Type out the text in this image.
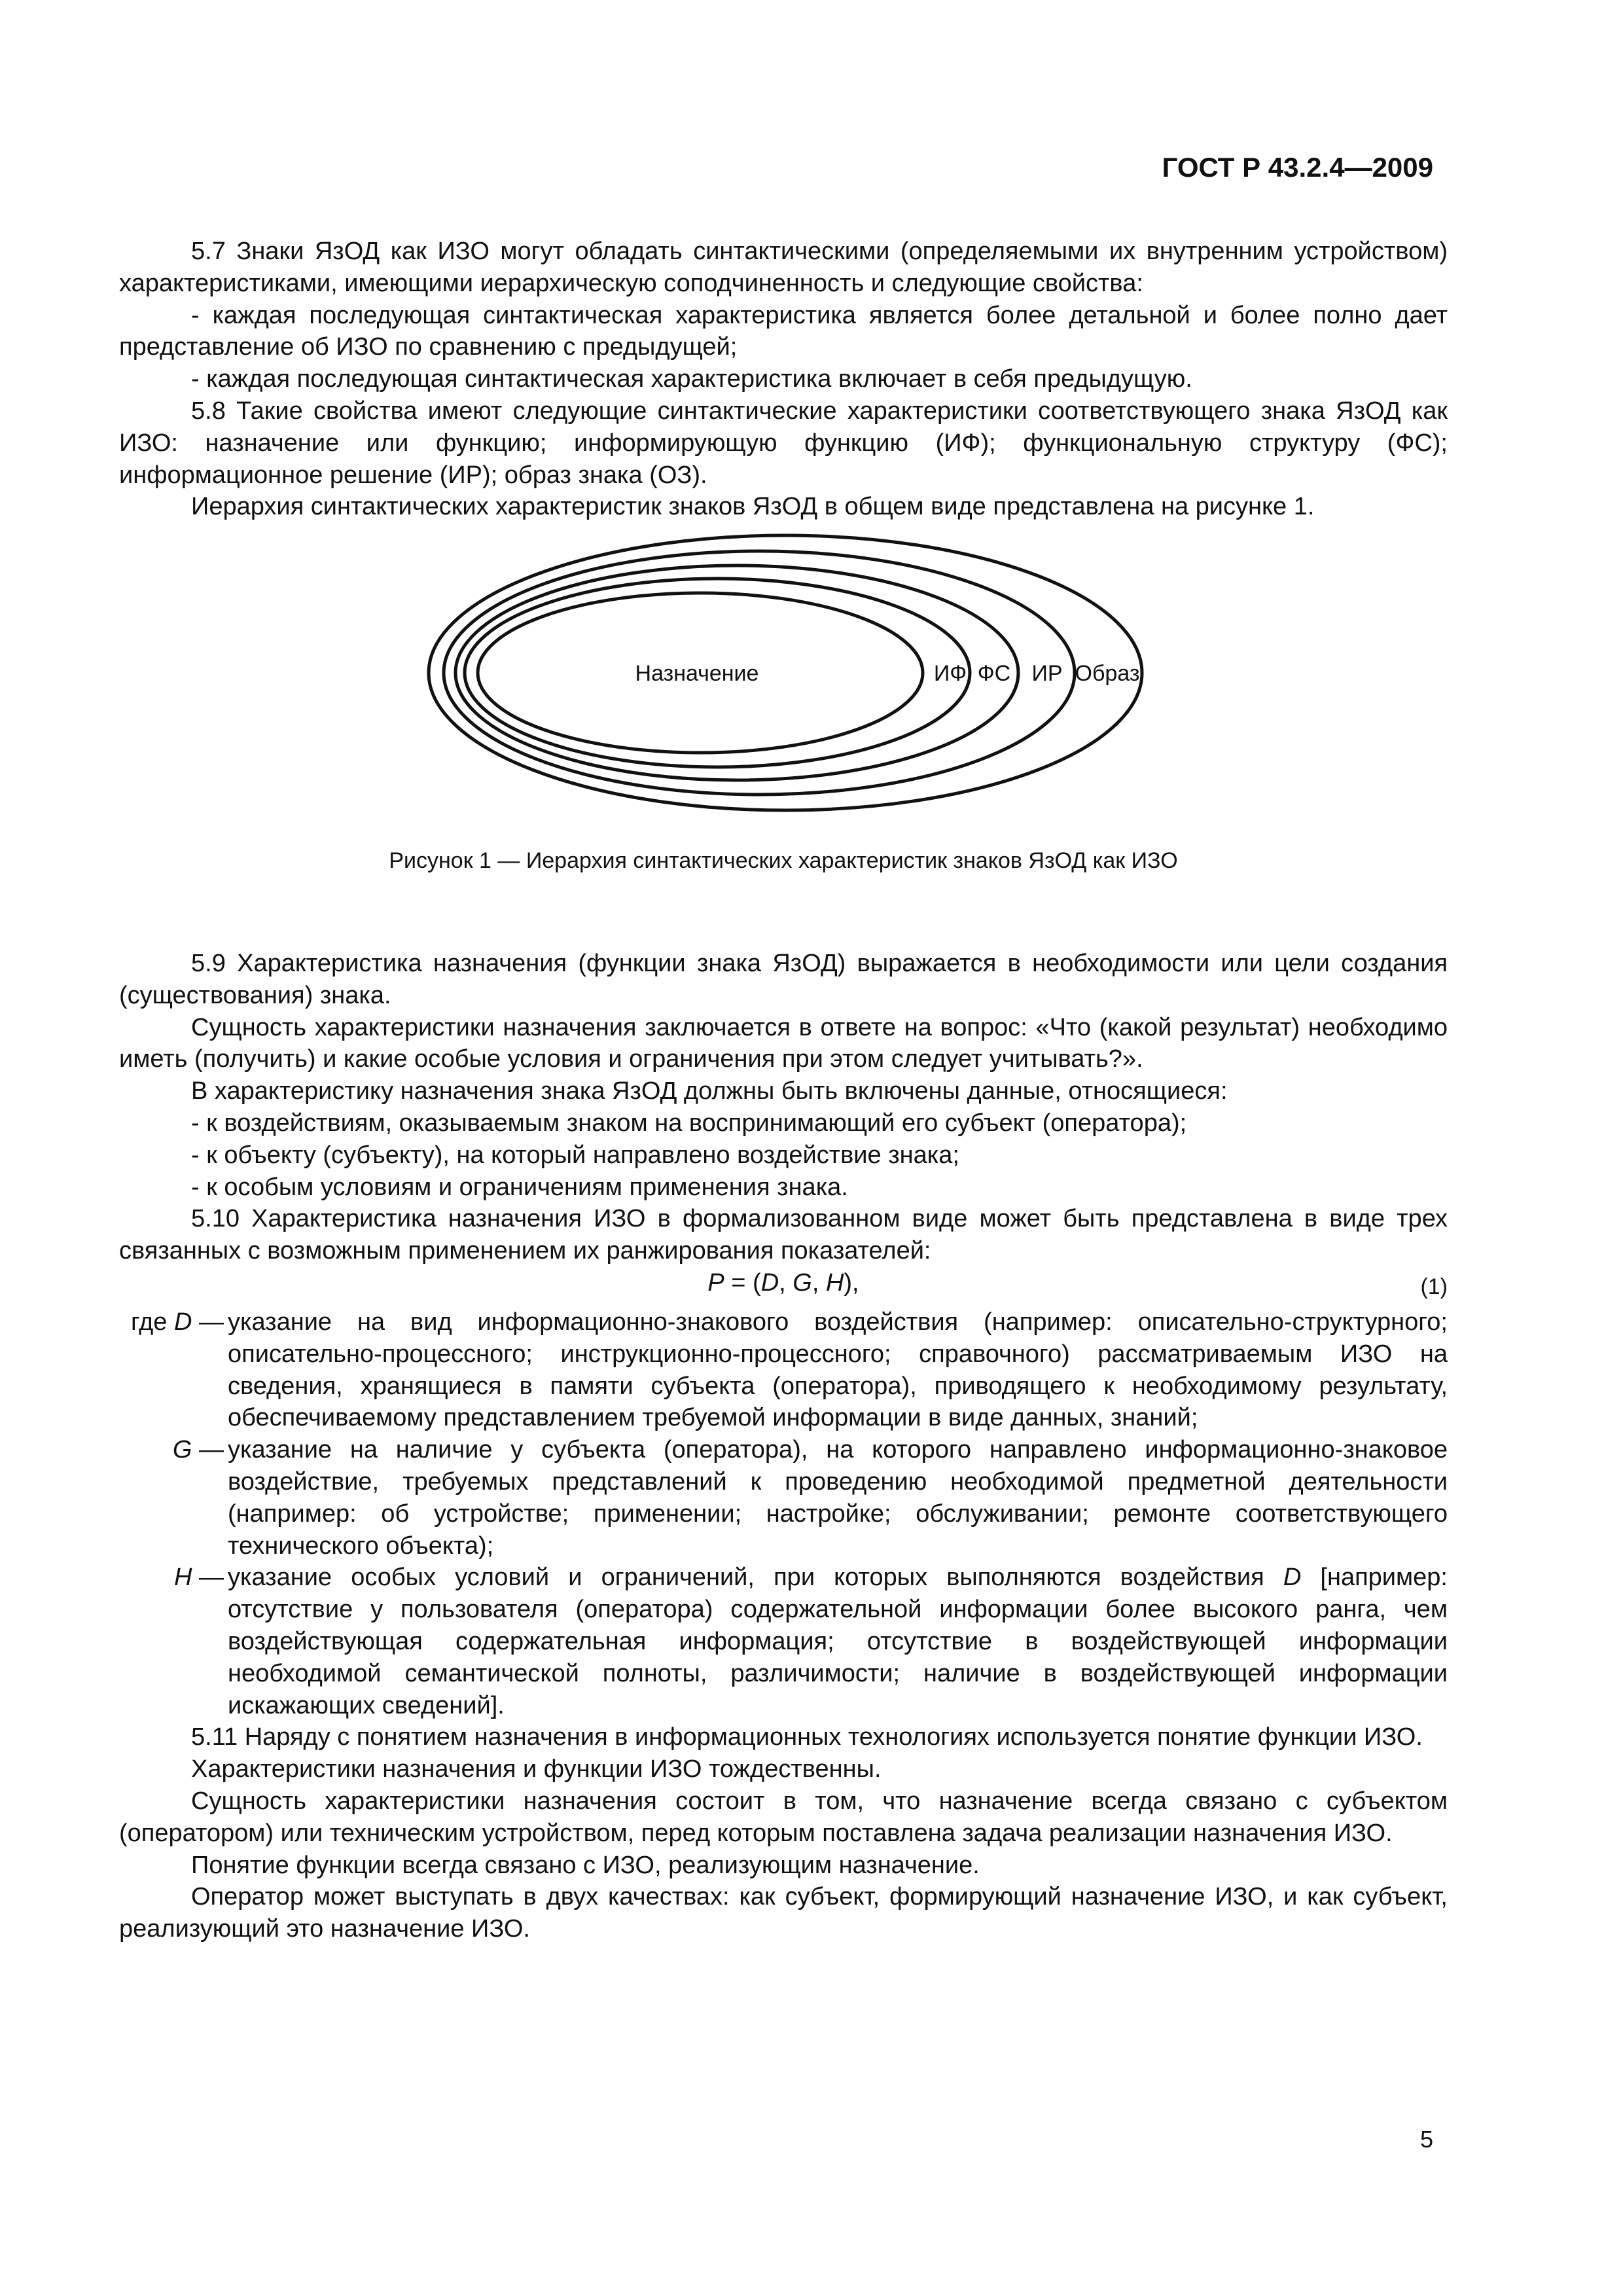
ГОСТ Р 43.2.4—2009

5.7 Знаки ЯзОД как ИЗО могут обладать синтактическими (определяемыми их внутренним устройством) характеристиками, имеющими иерархическую соподчиненность и следующие свойства:

- каждая последующая синтактическая характеристика является более детальной и более полно дает представление об ИЗО по сравнению с предыдущей;

- каждая последующая синтактическая характеристика включает в себя предыдущую.

5.8 Такие свойства имеют следующие синтактические характеристики соответствующего знака ЯзОД как ИЗО: назначение или функцию; информирующую функцию (ИФ); функциональную структуру (ФС); информационное решение (ИР); образ знака (ОЗ).

Иерархия синтактических характеристик знаков ЯзОД в общем виде представлена на рисунке 1.

Назначение	ИФ ФС ИР Образ
Рисунок 1 — Иерархия синтактических характеристик знаков ЯзОД как ИЗО

5.9 Характеристика назначения (функции знака ЯзОД) выражается в необходимости или цели создания (существования) знака.

Сущность характеристики назначения заключается в ответе на вопрос: «Что (какой результат) необходимо иметь (получить) и какие особые условия и ограничения при этом следует учитывать?».

В характеристику назначения знака ЯзОД должны быть включены данные, относящиеся:

- к воздействиям, оказываемым знаком на воспринимающий его субъект (оператора);

- к объекту (субъекту), на который направлено воздействие знака;

- к особым условиям и ограничениям применения знака.

5.10 Характеристика назначения ИЗО в формализованном виде может быть представлена в виде трех связанных с возможным применением их ранжирования показателей:

P = (D, G, H),	(1)
где D — указание на вид информационно-знакового воздействия (например: описательно-структурного; описательно-процессного; инструкционно-процессного; справочного) рассматриваемым ИЗО на сведения, хранящиеся в памяти субъекта (оператора), приводящего к необходимому результату, обеспечиваемому представлением требуемой информации в виде данных, знаний;
G — указание на наличие у субъекта (оператора), на которого направлено информационно-знаковое воздействие, требуемых представлений к проведению необходимой предметной деятельности (например: об устройстве; применении; настройке; обслуживании; ремонте соответствующего технического объекта);
H — указание особых условий и ограничений, при которых выполняются воздействия D [например: отсутствие у пользователя (оператора) содержательной информации более высокого ранга, чем воздействующая содержательная информация; отсутствие в воздействующей информации необходимой семантической полноты, различимости; наличие в воздействующей информации искажающих сведений].

5.11 Наряду с понятием назначения в информационных технологиях используется понятие функции ИЗО.

Характеристики назначения и функции ИЗО тождественны.

Сущность характеристики назначения состоит в том, что назначение всегда связано с субъектом (оператором) или техническим устройством, перед которым поставлена задача реализации назначения ИЗО.

Понятие функции всегда связано с ИЗО, реализующим назначение.

Оператор может выступать в двух качествах: как субъект, формирующий назначение ИЗО, и как субъект, реализующий это назначение ИЗО.

5
